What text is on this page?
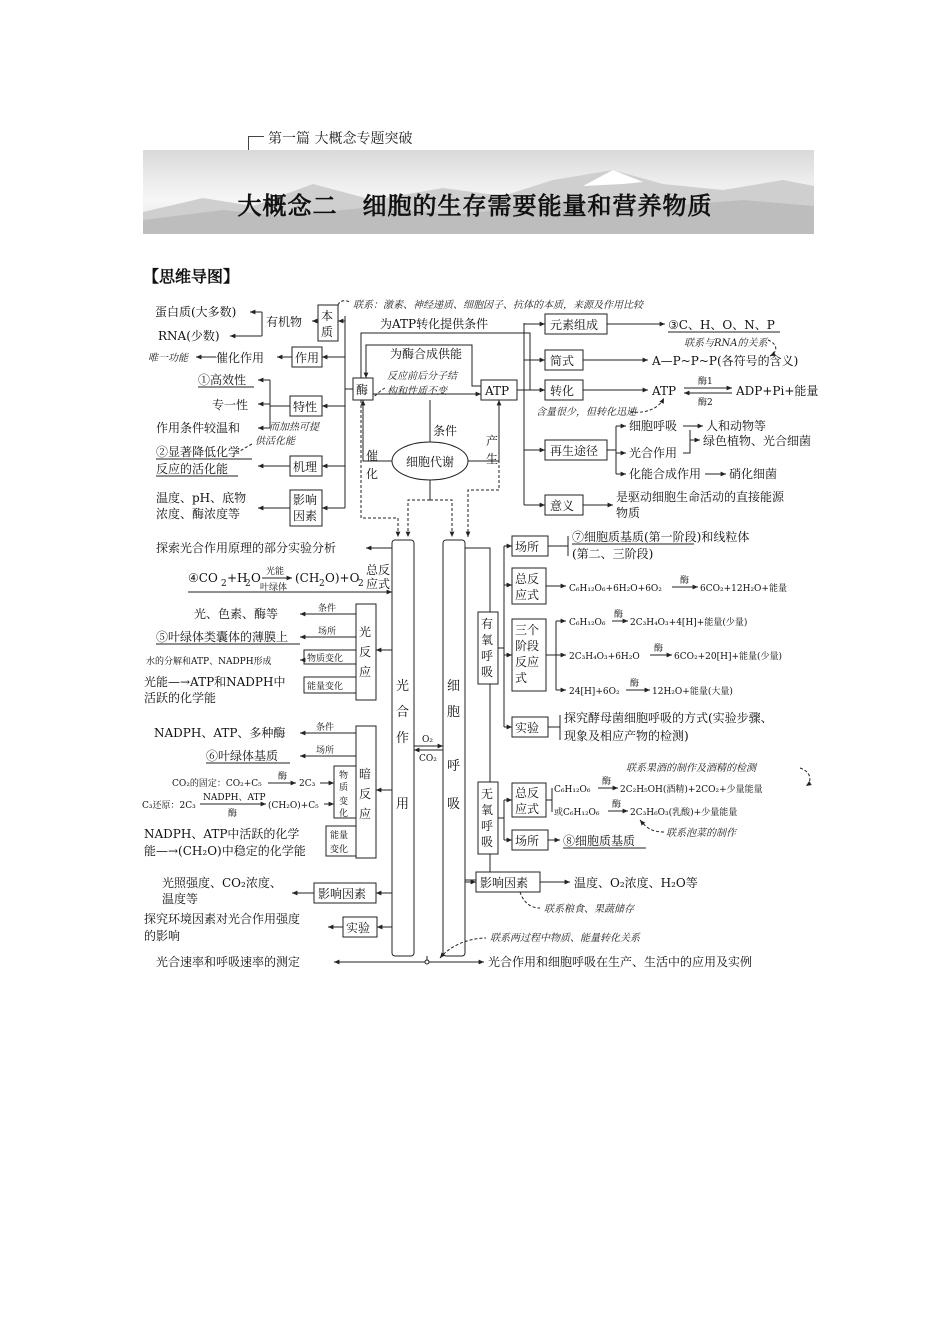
第一篇 大概念专题突破
大概念二　细胞的生存需要能量和营养物质
【思维导图】
酶
本
质
有机物
蛋白质(大多数)
RNA(少数)
联系：激素、神经递质、细胞因子、抗体的本质，来源及作用比较
作用
催化作用
唯一功能
特性
①高效性
专一性
作用条件较温和
机理
②显著降低化学
反应的活化能
而加热可提
供活化能
影响
因素
温度、pH、底物
浓度、酶浓度等
ATP
为ATP转化提供条件
为酶合成供能
反应前后分子结
构和性质不变
元素组成	③C、H、O、N、P
联系与RNA的关系
简式	A—P~P~P(各符号的含义)
转化	ATP
酶1
酶2
ADP+Pi+能量
含量很少，但转化迅速
再生途径
细胞呼吸
光合作用
化能合成作用
人和动物等
绿色植物、光合细菌
硝化细菌
意义
是驱动细胞生命活动的直接能源
物质
细胞代谢
条件
催
化
产
生
光
合
作
用
细
胞
呼
吸
O₂
CO₂
探索光合作用原理的部分实验分析
④CO 2 +H
2 O 光能
叶绿体
(CH 2 O)+O
2
总反
应式
光
反
应
条件
光、色素、酶等
场所
⑤叶绿体类囊体的薄膜上
物质变化
水的分解和ATP、NADPH形成
能量变化
光能—→ATP和NADPH中
活跃的化学能
暗
反
应
条件
NADPH、ATP、多种酶
场所
⑥叶绿体基质
物
质
变
化
CO₂的固定：CO₂+C₅
酶
2C₃
C₃还原：2C₃
NADPH、ATP
酶
(CH₂O)+C₅
能量
变化
NADPH、ATP中活跃的化学
能—→(CH₂O)中稳定的化学能
影响因素
光照强度、CO₂浓度、
温度等
实验
探究环境因素对光合作用强度
的影响
光合速率和呼吸速率的测定	光合作用和细胞呼吸在生产、生活中的应用及实例
联系两过程中物质、能量转化关系
有
氧
呼
吸
场所
⑦细胞质基质(第一阶段)和线粒体
(第二、三阶段)
总反
应式	C₆H₁₂O₆+6H₂O+6O₂
酶
6CO₂+12H₂O+能量
三个
阶段
反应
式
C₆H₁₂O₆
酶
2C₃H₄O₃+4[H]+能量(少量)
2C₃H₄O₃+6H₂O
酶
6CO₂+20[H]+能量(少量)
24[H]+6O₂
酶
12H₂O+能量(大量)
实验
探究酵母菌细胞呼吸的方式(实验步骤、
现象及相应产物的检测)
无
氧
呼
吸
总反
应式
C₆H₁₂O₆
酶
2C₂H₅OH(酒精)+2CO₂+少量能量
或C₆H₁₂O₆
酶
2C₃H₆O₃(乳酸)+少量能量
联系果酒的制作及酒精的检测
联系泡菜的制作
场所 ⑧细胞质基质
影响因素	温度、O₂浓度、H₂O等
联系粮食、果蔬储存
